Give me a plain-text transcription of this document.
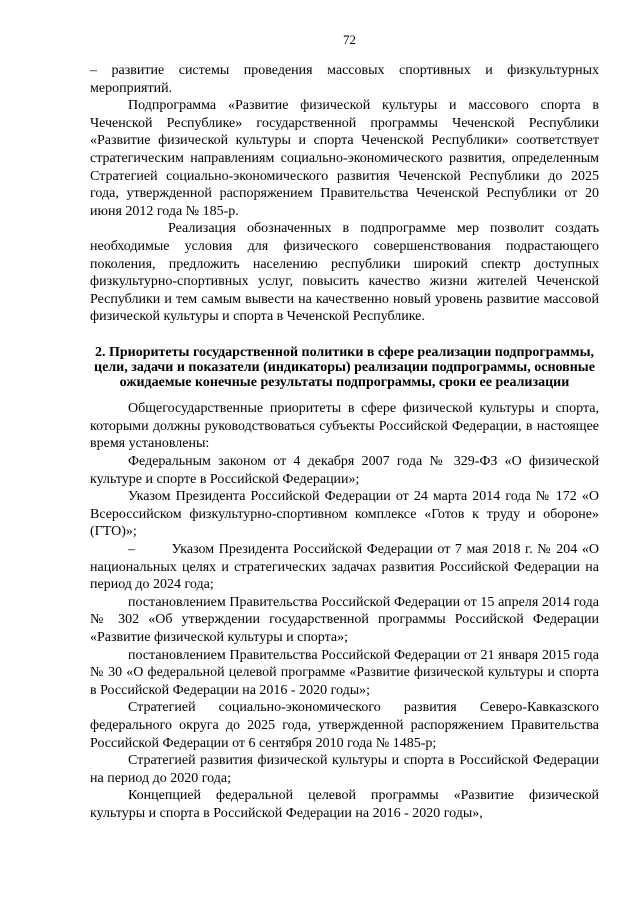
72

– развитие системы проведения массовых спортивных и физкультурных мероприятий.

Подпрограмма «Развитие физической культуры и массового спорта в Чеченской Республике» государственной программы Чеченской Республики «Развитие физической культуры и спорта Чеченской Республики» соответствует стратегическим направлениям социально-экономического развития, определенным Стратегией социально-экономического развития Чеченской Республики до 2025 года, утвержденной распоряжением Правительства Чеченской Республики от 20 июня 2012 года № 185-р.

Реализация обозначенных в подпрограмме мер позволит создать необходимые условия для физического совершенствования подрастающего поколения, предложить населению республики широкий спектр доступных физкультурно-спортивных услуг, повысить качество жизни жителей Чеченской Республики и тем самым вывести на качественно новый уровень развитие массовой физической культуры и спорта в Чеченской Республике.

2. Приоритеты государственной политики в сфере реализации подпрограммы, цели, задачи и показатели (индикаторы) реализации подпрограммы, основные ожидаемые конечные результаты подпрограммы, сроки ее реализации

Общегосударственные приоритеты в сфере физической культуры и спорта, которыми должны руководствоваться субъекты Российской Федерации, в настоящее время установлены:

Федеральным законом от 4 декабря 2007 года № 329-ФЗ «О физической культуре и спорте в Российской Федерации»;

Указом Президента Российской Федерации от 24 марта 2014 года № 172 «О Всероссийском физкультурно-спортивном комплексе «Готов к труду и обороне» (ГТО)»;

–        Указом Президента Российской Федерации от 7 мая 2018 г. № 204 «О национальных целях и стратегических задачах развития Российской Федерации на период до 2024 года;

постановлением Правительства Российской Федерации от 15 апреля 2014 года № 302 «Об утверждении государственной программы Российской Федерации «Развитие физической культуры и спорта»;

постановлением Правительства Российской Федерации от 21 января 2015 года № 30 «О федеральной целевой программе «Развитие физической культуры и спорта в Российской Федерации на 2016 - 2020 годы»;

Стратегией социально-экономического развития Северо-Кавказского федерального округа до 2025 года, утвержденной распоряжением Правительства Российской Федерации от 6 сентября 2010 года № 1485-р;

Стратегией развития физической культуры и спорта в Российской Федерации на период до 2020 года;

Концепцией федеральной целевой программы «Развитие физической культуры и спорта в Российской Федерации на 2016 - 2020 годы»,
